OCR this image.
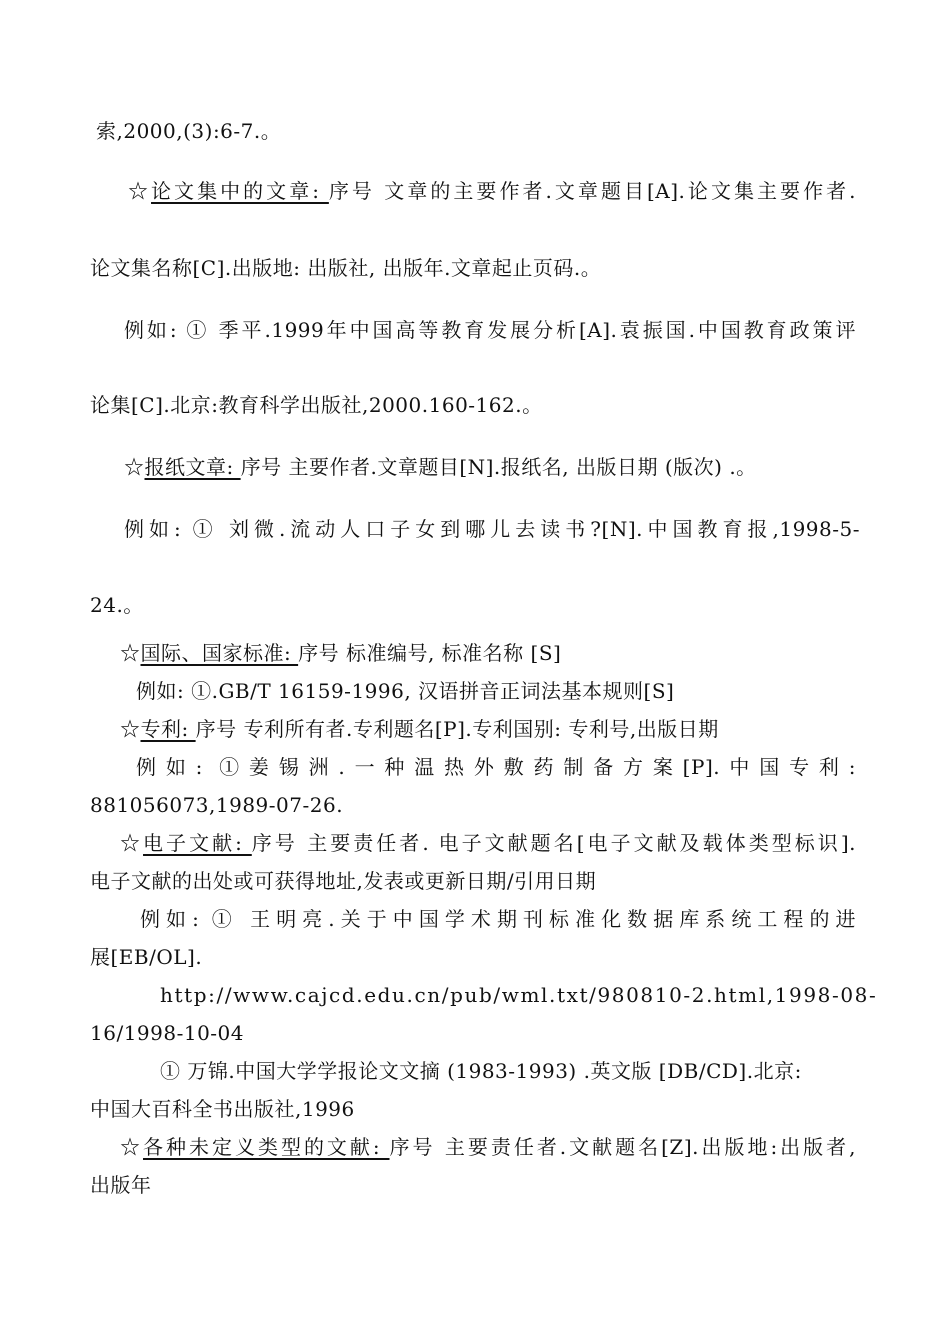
索,2000,(3):6-7.。
☆论文集中的文章: 序号 文章的主要作者.文章题目[A].论文集主要作者.
论文集名称[C].出版地: 出版社, 出版年.文章起止页码.。
例如: ① 季平.1999年中国高等教育发展分析[A].袁振国.中国教育政策评
论集[C].北京:教育科学出版社,2000.160-162.。
☆报纸文章: 序号 主要作者.文章题目[N].报纸名, 出版日期 (版次) .。
例如: ① 刘微.流动人口子女到哪儿去读书?[N].中国教育报,1998-5-
24.。
☆国际、国家标准: 序号 标准编号, 标准名称 [S]
例如: ①.GB/T 16159-1996, 汉语拼音正词法基本规则[S]
☆专利: 序号 专利所有者.专利题名[P].专利国别: 专利号,出版日期
例如: ①姜锡洲.一种温热外敷药制备方案[P].中国专利:
881056073,1989-07-26.
☆电子文献: 序号 主要责任者. 电子文献题名[电子文献及载体类型标识].
电子文献的出处或可获得地址,发表或更新日期/引用日期
例如: ① 王明亮.关于中国学术期刊标准化数据库系统工程的进
展[EB/OL].
http://www.cajcd.edu.cn/pub/wml.txt/980810-2.html,1998-08-
16/1998-10-04
① 万锦.中国大学学报论文文摘 (1983-1993) .英文版 [DB/CD].北京:
中国大百科全书出版社,1996
☆各种未定义类型的文献: 序号 主要责任者.文献题名[Z].出版地:出版者,
出版年
